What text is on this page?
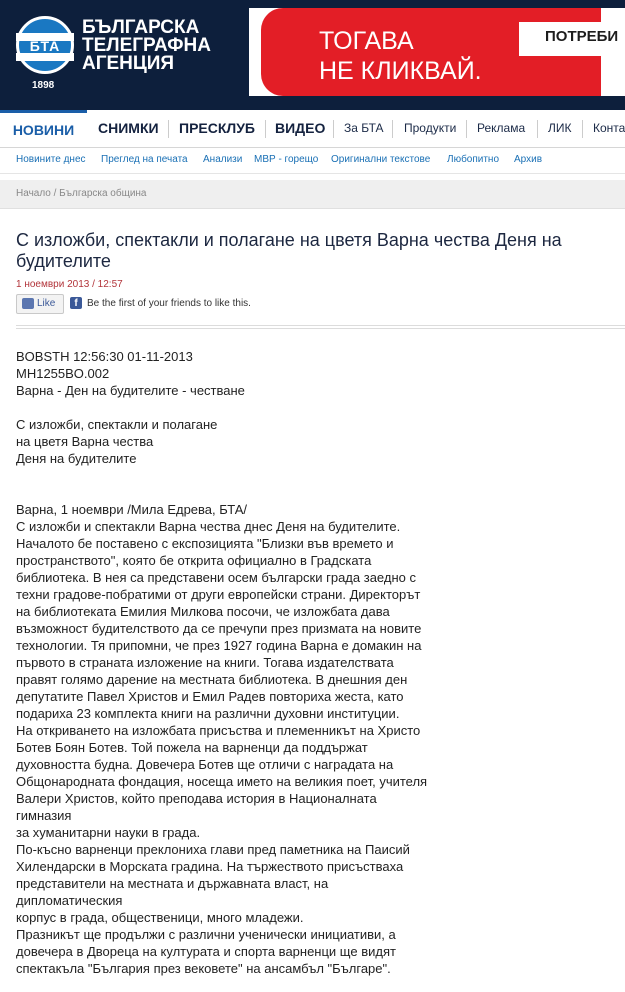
БТА
1898
БЪЛГАРСКА
ТЕЛЕГРАФНА
АГЕНЦИЯ
ТОГАВА
НЕ КЛИКВАЙ.
ПОТРЕБИ
НОВИНИ	СНИМКИ ПРЕСКЛУБ ВИДЕО За БТА Продукти Реклама ЛИК Конта
Новините днес Преглед на печата Анализи МВР - горещо Оригинални текстове Любопитно Архив
Начало / Българска община
С изложби, спектакли и полагане на цветя Варна чества Деня на будителите
1 ноември 2013 / 12:57
Like	f Be the first of your friends to like this.
BOBSTH 12:56:30 01-11-2013
MH1255BO.002
Варна - Ден на будителите - честване

С изложби, спектакли и полагане
на цветя Варна чества
Деня на будителите

Варна, 1 ноември /Мила Едрева, БТА/
С изложби и спектакли Варна чества днес Деня на будителите.
Началото бе поставено с експозицията "Близки във времето и
пространството", която бе открита официално в Градската
библиотека. В нея са представени осем български града заедно с
техни градове-побратими от други европейски страни. Директорът
на библиотеката Емилия Милкова посочи, че изложбата дава
възможност будителството да се пречупи през призмата на новите
технологии. Тя припомни, че през 1927 година Варна е домакин на
първото в страната изложение на книги. Тогава издателствата
правят голямо дарение на местната библиотека. В днешния ден
депутатите Павел Христов и Емил Радев повториха жеста, като
подариха 23 комплекта книги на различни духовни институции.
На откриването на изложбата присъства и племенникът на Христо
Ботев Боян Ботев. Той пожела на варненци да поддържат
духовността будна. Довечера Ботев ще отличи с наградата на
Общонародната фондация, носеща името на великия поет, учителя
Валери Христов, който преподава история в Националната
гимназия
за хуманитарни науки в града.
По-късно варненци преклониха глави пред паметника на Паисий
Хилендарски в Морската градина. На тържеството присъстваха
представители на местната и държавната власт, на
дипломатическия
корпус в града, общественици, много младежи.
Празникът ще продължи с различни ученически инициативи, а
довечера в Двореца на културата и спорта варненци ще видят
спектакъла "България през вековете" на ансамбъл "Българе".
